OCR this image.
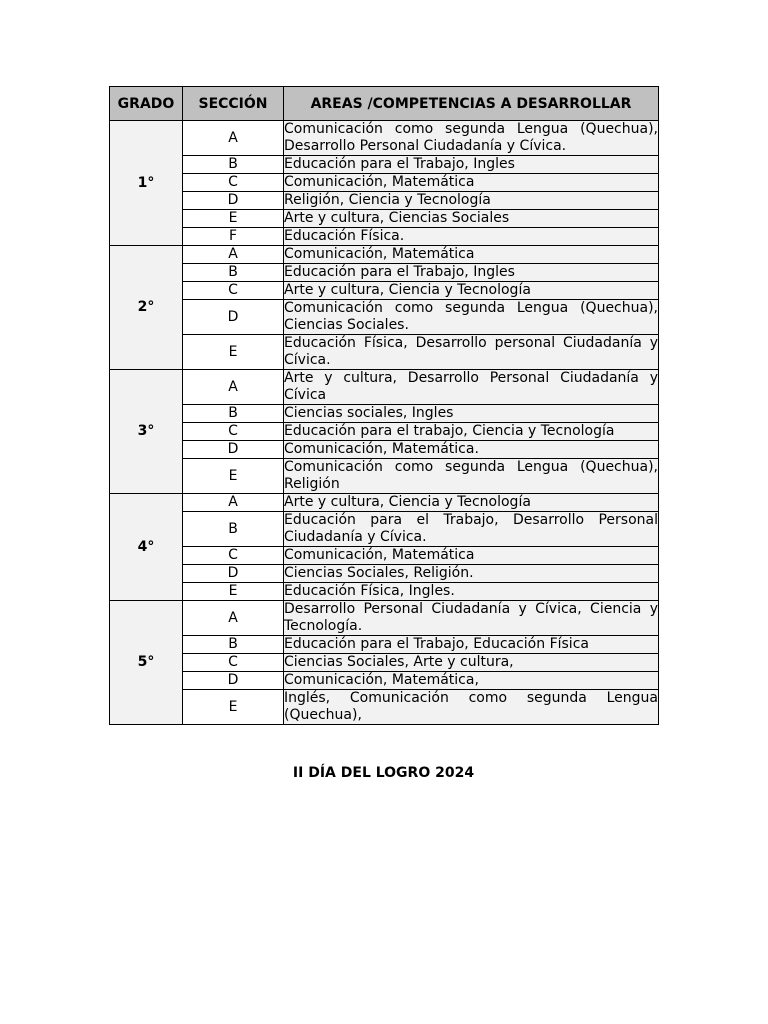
GRADO	SECCIÓN	AREAS /COMPETENCIAS A DESARROLLAR
1°	A	Comunicación como segunda Lengua (Quechua), Desarrollo Personal Ciudadanía y Cívica.
	B	Educación para el Trabajo, Ingles
	C	Comunicación, Matemática
	D	Religión, Ciencia y Tecnología
	E	Arte y cultura, Ciencias Sociales
	F	Educación Física.
2°	A	Comunicación, Matemática
	B	Educación para el Trabajo, Ingles
	C	Arte y cultura, Ciencia y Tecnología
	D	Comunicación como segunda Lengua (Quechua), Ciencias Sociales.
	E	Educación Física, Desarrollo personal Ciudadanía y Cívica.
3°	A	Arte y cultura, Desarrollo Personal Ciudadanía y Cívica
	B	Ciencias sociales, Ingles
	C	Educación para el trabajo, Ciencia y Tecnología
	D	Comunicación, Matemática.
	E	Comunicación como segunda Lengua (Quechua), Religión
4°	A	Arte y cultura, Ciencia y Tecnología
	B	Educación para el Trabajo, Desarrollo Personal Ciudadanía y Cívica.
	C	Comunicación, Matemática
	D	Ciencias Sociales, Religión.
	E	Educación Física, Ingles.
5°	A	Desarrollo Personal Ciudadanía y Cívica, Ciencia y Tecnología.
	B	Educación para el Trabajo, Educación Física
	C	Ciencias Sociales, Arte y cultura,
	D	Comunicación, Matemática,
	E	Inglés, Comunicación como segunda Lengua (Quechua),
II DÍA DEL LOGRO 2024
